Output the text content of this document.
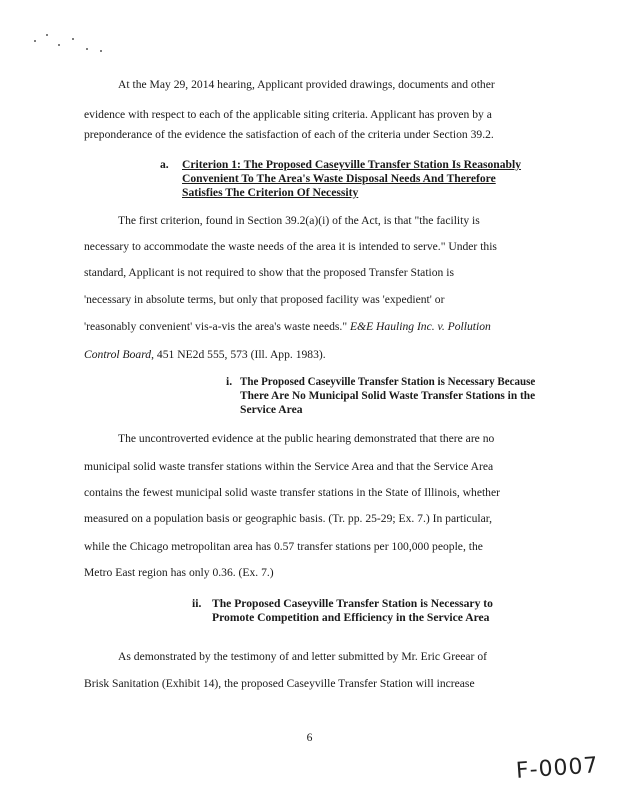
At the May 29, 2014 hearing, Applicant provided drawings, documents and other
evidence with respect to each of the applicable siting criteria. Applicant has proven by a
preponderance of the evidence the satisfaction of each of the criteria under Section 39.2.
a. Criterion 1: The Proposed Caseyville Transfer Station Is Reasonably
Convenient To The Area's Waste Disposal Needs And Therefore
Satisfies The Criterion Of Necessity
The first criterion, found in Section 39.2(a)(i) of the Act, is that "the facility is
necessary to accommodate the waste needs of the area it is intended to serve." Under this
standard, Applicant is not required to show that the proposed Transfer Station is
'necessary in absolute terms, but only that proposed facility was 'expedient' or
'reasonably convenient' vis-a-vis the area's waste needs." E&E Hauling Inc. v. Pollution
Control Board, 451 NE2d 555, 573 (Ill. App. 1983).
i. The Proposed Caseyville Transfer Station is Necessary Because
There Are No Municipal Solid Waste Transfer Stations in the
Service Area
The uncontroverted evidence at the public hearing demonstrated that there are no
municipal solid waste transfer stations within the Service Area and that the Service Area
contains the fewest municipal solid waste transfer stations in the State of Illinois, whether
measured on a population basis or geographic basis. (Tr. pp. 25-29; Ex. 7.) In particular,
while the Chicago metropolitan area has 0.57 transfer stations per 100,000 people, the
Metro East region has only 0.36. (Ex. 7.)
ii. The Proposed Caseyville Transfer Station is Necessary to
Promote Competition and Efficiency in the Service Area
As demonstrated by the testimony of and letter submitted by Mr. Eric Greear of
Brisk Sanitation (Exhibit 14), the proposed Caseyville Transfer Station will increase
6
F-0007
